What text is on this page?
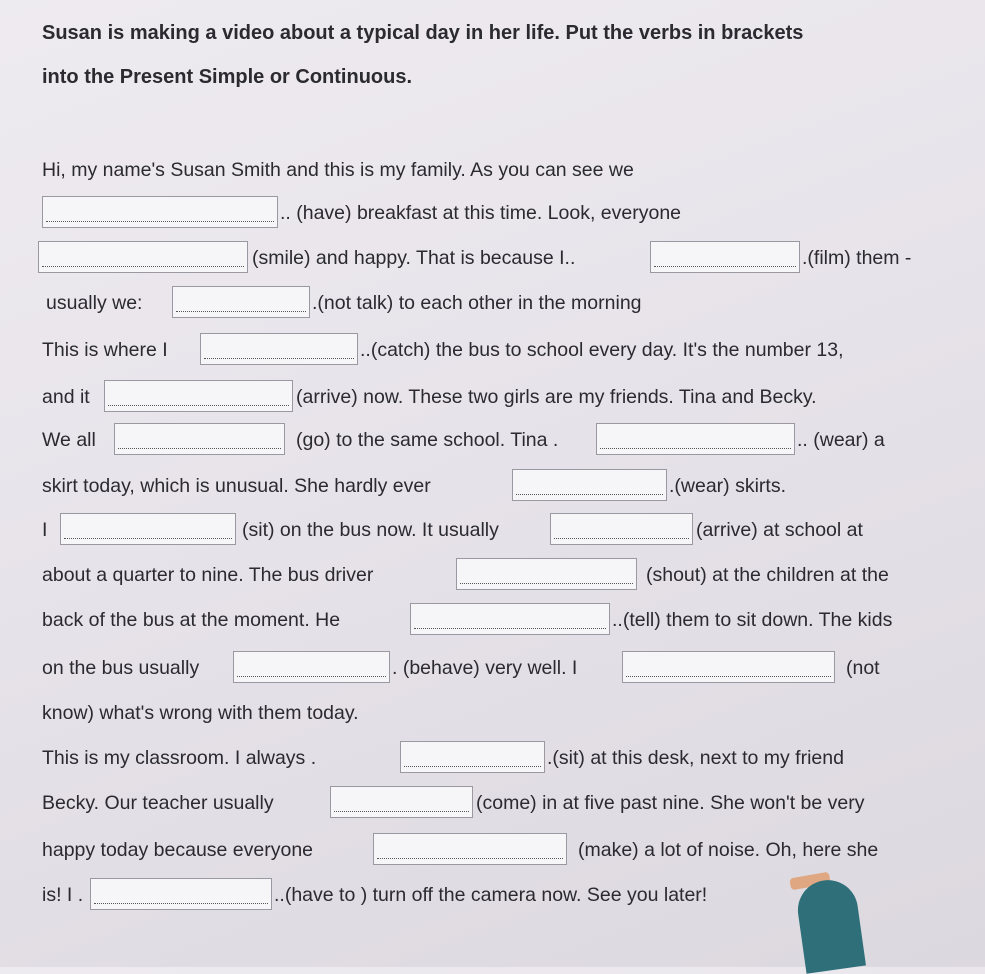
Susan is making a video about a typical day in her life. Put the verbs in brackets
into the Present Simple or Continuous.
Hi, my name's Susan Smith and this is my family. As you can see we
.. (have) breakfast at this time. Look, everyone
(smile) and happy. That is because I..	.(film) them -
usually we:	.(not talk) to each other in the morning
This is where I	..(catch) the bus to school every day. It's the number 13,
and it	(arrive) now. These two girls are my friends. Tina and Becky.
We all	(go) to the same school. Tina .	.. (wear) a
skirt today, which is unusual. She hardly ever	.(wear) skirts.
I	(sit) on the bus now. It usually	(arrive) at school at
about a quarter to nine. The bus driver	(shout) at the children at the
back of the bus at the moment. He	..(tell) them to sit down. The kids
on the bus usually	. (behave) very well. I	(not
know) what's wrong with them today.
This is my classroom. I always .	.(sit) at this desk, next to my friend
Becky. Our teacher usually	(come) in at five past nine. She won't be very
happy today because everyone	(make) a lot of noise. Oh, here she
is! I .	..(have to ) turn off the camera now. See you later!
